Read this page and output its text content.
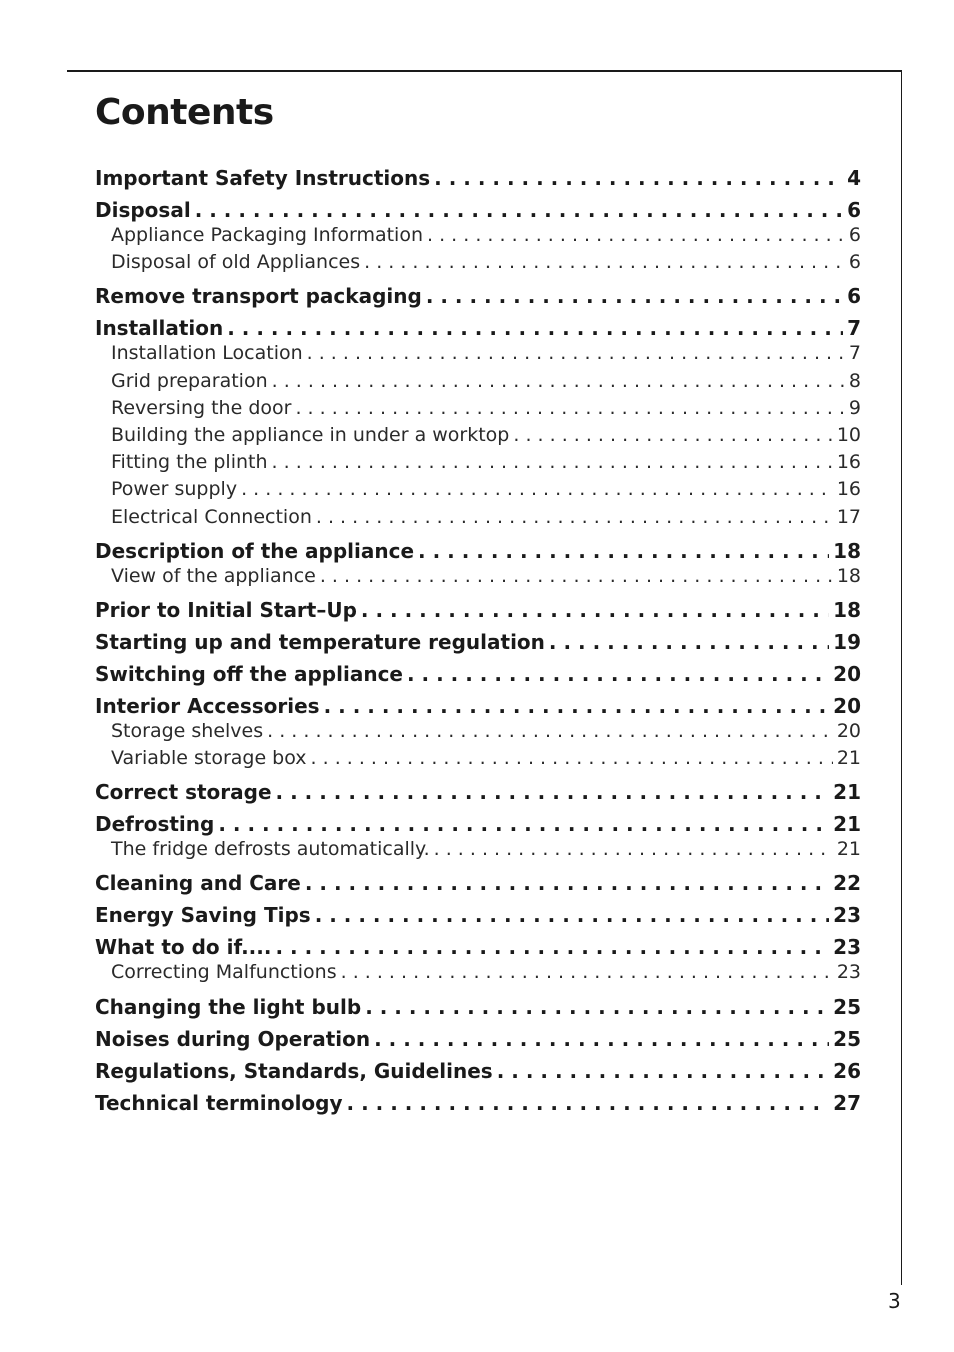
Contents
Important Safety Instructions . . .	4
Disposal . . .	6
Appliance Packaging Information . . .	6
Disposal of old Appliances . . .	6
Remove transport packaging . . .	6
Installation . . .	7
Installation Location . . .	7
Grid preparation . . .	8
Reversing the door . . .	9
Building the appliance in under a worktop . . .	10
Fitting the plinth . . .	16
Power supply . . .	16
Electrical Connection . . .	17
Description of the appliance . . .	18
View of the appliance . . .	18
Prior to Initial Start–Up . . .	18
Starting up and temperature regulation . . .	19
Switching off the appliance . . .	20
Interior Accessories . . .	20
Storage shelves . . .	20
Variable storage box . . .	21
Correct storage . . .	21
Defrosting . . .	21
The fridge defrosts automatically. . . .	21
Cleaning and Care . . .	22
Energy Saving Tips . . .	23
What to do if.... . . .	23
Correcting Malfunctions . . .	23
Changing the light bulb . . .	25
Noises during Operation . . .	25
Regulations, Standards, Guidelines . . .	26
Technical terminology . . .	27
3
